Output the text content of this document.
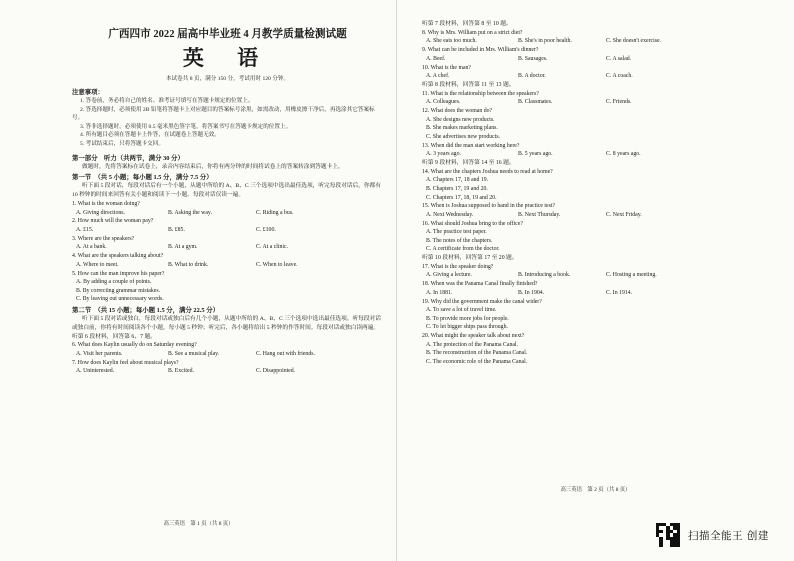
广西四市 2022 届高中毕业班 4 月教学质量检测试题

英 语

本试卷共 8 页，满分 150 分，考试用时 120 分钟。

注意事项：

1. 答卷前，务必将自己的姓名、准考证号填写在答题卡规定的位置上。

2. 答选择题时，必须使用 2B 铅笔将答题卡上对应题目的答案标号涂黑，如需改动，用橡皮擦干净后，再选涂其它答案标号。

3. 答非选择题时，必须使用 0.5 毫米黑色签字笔，将答案书写在答题卡规定的位置上。

4. 所有题目必须在答题卡上作答，在试题卷上答题无效。

5. 考试结束后，只将答题卡交回。

第一部分　听力（共两节，满分 30 分）

做题时，先将答案标在试卷上，录音内容结束后，你将有两分钟的时间将试卷上的答案转涂到答题卡上。

第一节　（共 5 小题；每小题 1.5 分，满分 7.5 分）

听下面 5 段对话，每段对话后有一个小题，从题中所给的 A、B、C 三个选项中选出最佳选项，听完每段对话后，你都有 10 秒钟的时间来回答有关小题和阅读下一小题。每段对话仅读一遍。

1. What is the woman doing?

A. Giving directions.	B. Asking the way.	C. Riding a bus.

2. How much will the woman pay?

A. £15.	B. £85.	C. £100.

3. Where are the speakers?

A. At a bank.	B. At a gym.	C. At a clinic.

4. What are the speakers talking about?

A. Where to meet.	B. What to drink.	C. When to leave.

5. How can the man improve his paper?

A. By adding a couple of points.

B. By correcting grammar mistakes.

C. By leaving out unnecessary words.

第二节　（共 15 小题；每小题 1.5 分，满分 22.5 分）

听下面 5 段对话或独白，每段对话或独白后有几个小题，从题中所给的 A、B、C 三个选项中选出最佳选项。听每段对话或独白前，你将有时间阅读各个小题，每小题 5 秒钟；听完后，各小题将给出 5 秒钟的作答时间。每段对话或独白读两遍。

听第 6 段材料，回答第 6、7 题。

6. What does Kaylin usually do on Saturday evening?

A. Visit her parents.	B. See a musical play.	C. Hang out with friends.

7. How does Kaylin feel about musical plays?

A. Uninterested.	B. Excited.	C. Disappointed.
高三英语　第 1 页（共 8 页）

听第 7 段材料，回答第 8 至 10 题。

8. Why is Mrs. William put on a strict diet?

A. She eats too much.	B. She's in poor health.	C. She doesn't exercise.

9. What can be included in Mrs. William's dinner?

A. Beef.	B. Sausages.	C. A salad.

10. What is the man?

A. A chef.	B. A doctor.	C. A coach.

听第 8 段材料，回答第 11 至 13 题。

11. What is the relationship between the speakers?

A. Colleagues.	B. Classmates.	C. Friends.

12. What does the woman do?

A. She designs new products.

B. She makes marketing plans.

C. She advertises new products.

13. When did the man start working here?

A. 3 years ago.	B. 5 years ago.	C. 8 years ago.

听第 9 段材料，回答第 14 至 16 题。

14. What are the chapters Joshua needs to read at home?

A. Chapters 17, 18 and 19.

B. Chapters 17, 19 and 20.

C. Chapters 17, 18, 19 and 20.

15. When is Joshua supposed to hand in the practice test?

A. Next Wednesday.	B. Next Thursday.	C. Next Friday.

16. What should Joshua bring to the office?

A. The practice test paper.

B. The notes of the chapters.

C. A certificate from the doctor.

听第 10 段材料，回答第 17 至 20 题。

17. What is the speaker doing?

A. Giving a lecture.	B. Introducing a book.	C. Hosting a meeting.

18. When was the Panama Canal finally finished?

A. In 1881.	B. In 1904.	C. In 1914.

19. Why did the government make the canal wider?

A. To save a lot of travel time.

B. To provide more jobs for people.

C. To let bigger ships pass through.

20. What might the speaker talk about next?

A. The protection of the Panama Canal.

B. The reconstruction of the Panama Canal.

C. The economic role of the Panama Canal.

高三英语　第 2 页（共 8 页）
扫描全能王 创建
